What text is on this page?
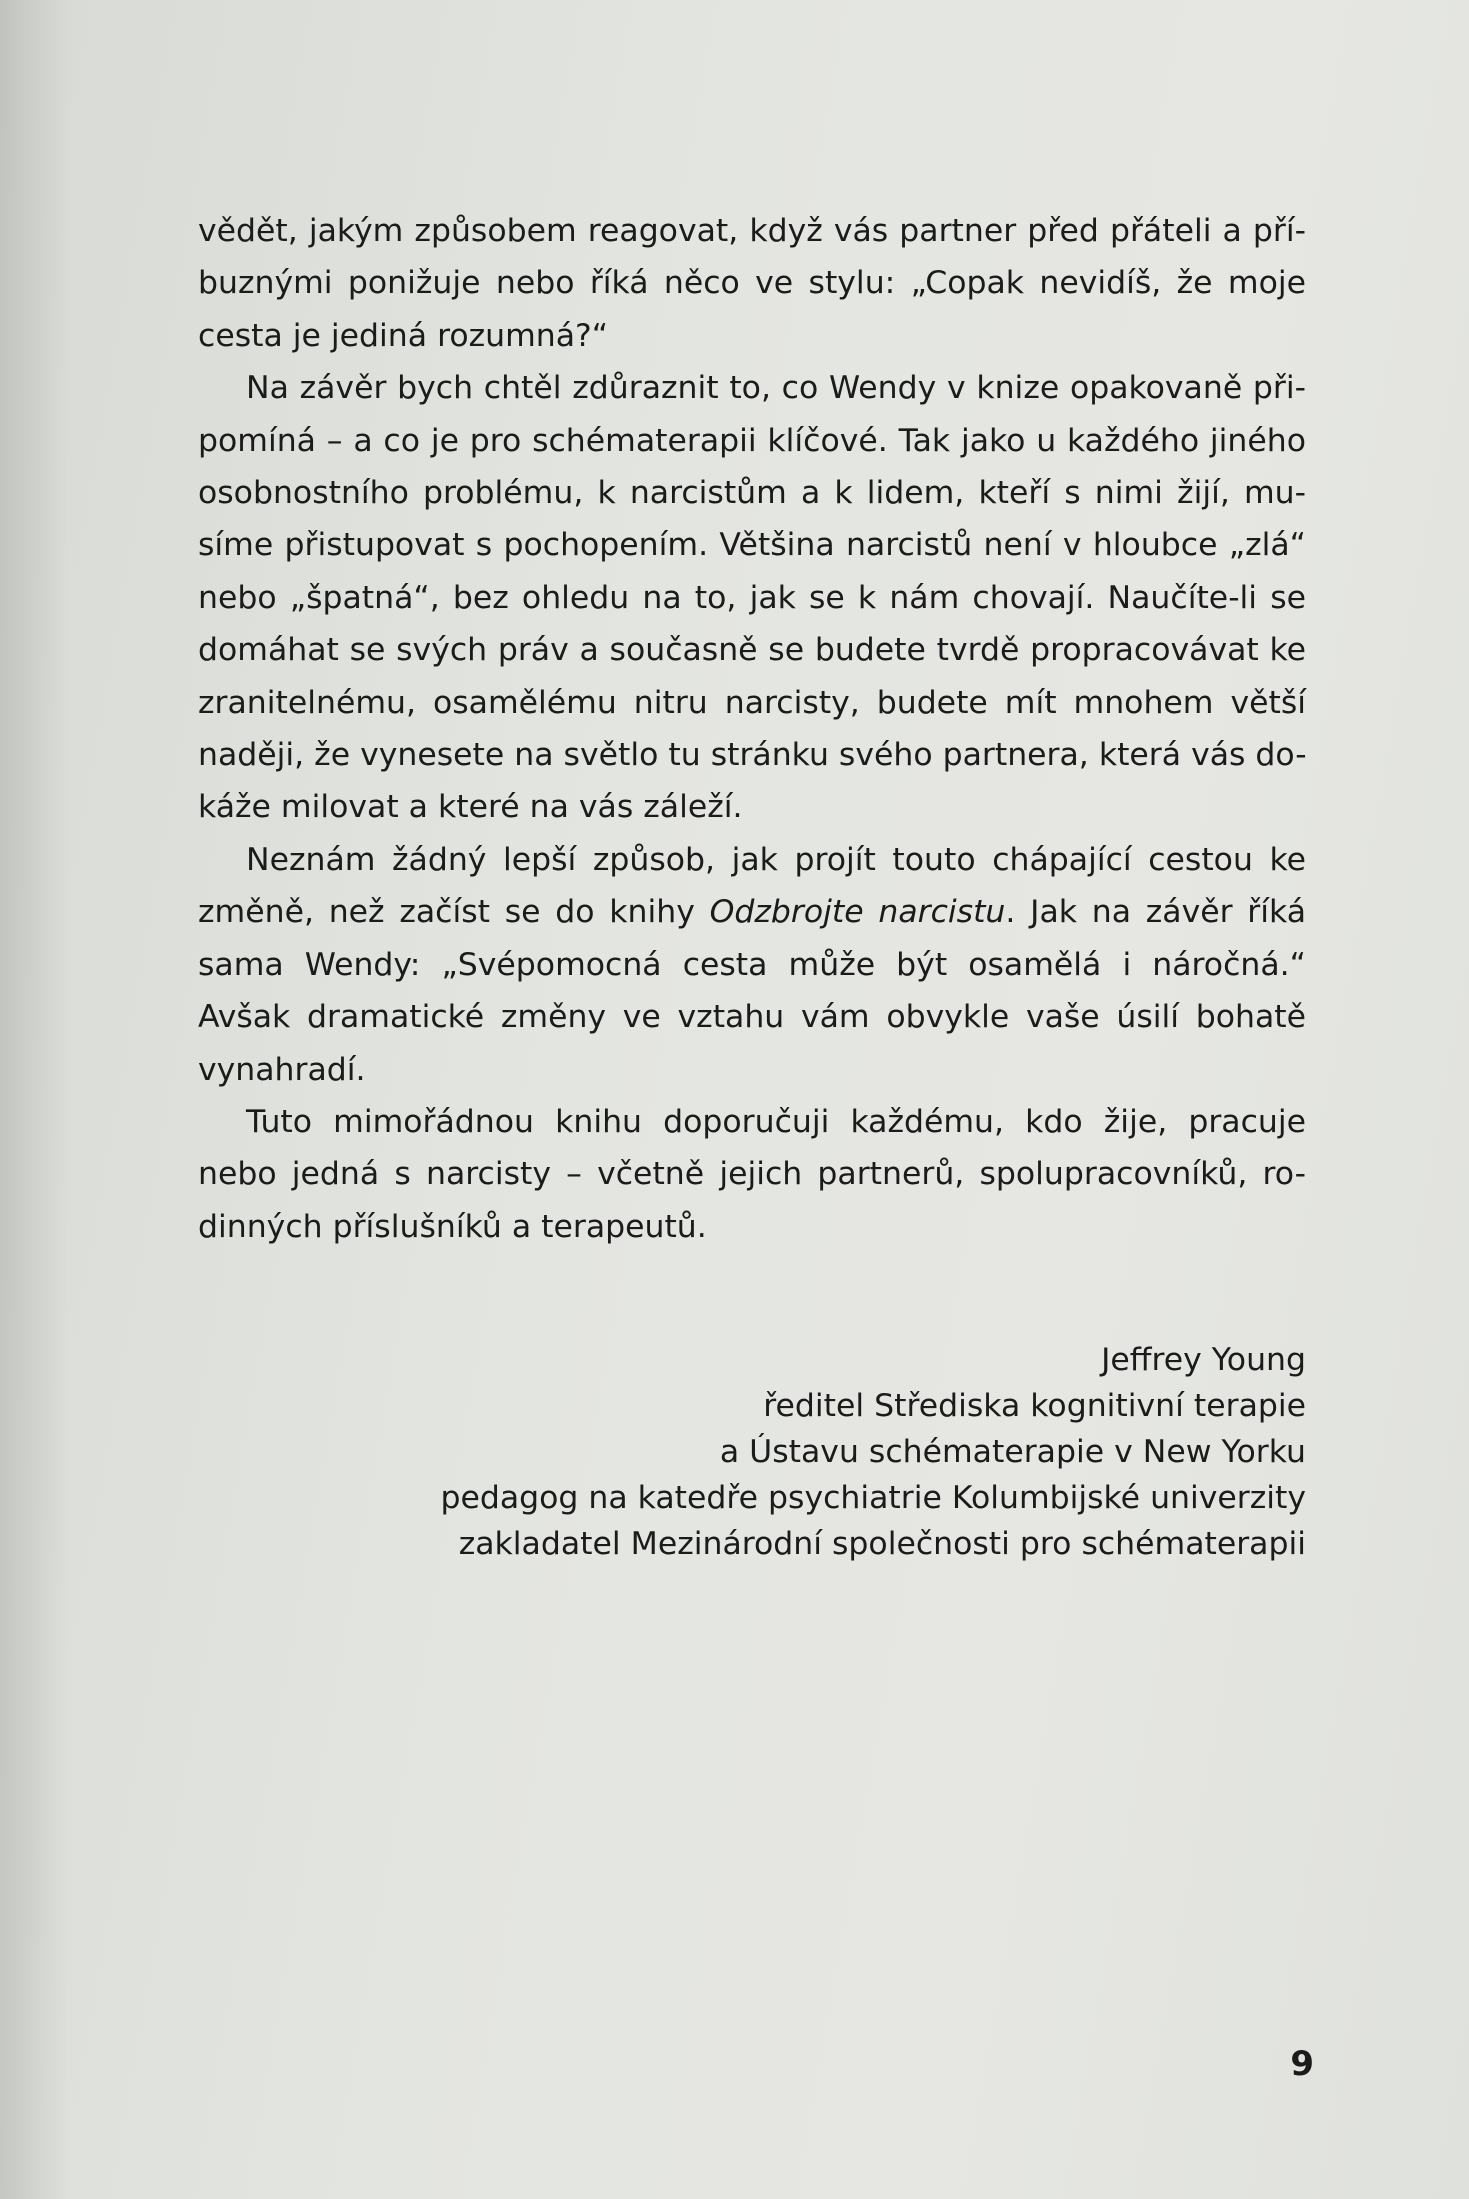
vědět, jakým způsobem reagovat, když vás partner před přáteli a pří-
buznými ponižuje nebo říká něco ve stylu: „Copak nevidíš, že moje
cesta je jediná rozumná?“

Na závěr bych chtěl zdůraznit to, co Wendy v knize opakovaně při-
pomíná – a co je pro schématerapii klíčové. Tak jako u každého jiného
osobnostního problému, k narcistům a k lidem, kteří s nimi žijí, mu-
síme přistupovat s pochopením. Většina narcistů není v hloubce „zlá“
nebo „špatná“, bez ohledu na to, jak se k nám chovají. Naučíte-li se
domáhat se svých práv a současně se budete tvrdě propracovávat ke
zranitelnému, osamělému nitru narcisty, budete mít mnohem větší
naději, že vynesete na světlo tu stránku svého partnera, která vás do-
káže milovat a které na vás záleží.

Neznám žádný lepší způsob, jak projít touto chápající cestou ke
změně, než začíst se do knihy Odzbrojte narcistu. Jak na závěr říká
sama Wendy: „Svépomocná cesta může být osamělá i náročná.“
Avšak dramatické změny ve vztahu vám obvykle vaše úsilí bohatě
vynahradí.

Tuto mimořádnou knihu doporučuji každému, kdo žije, pracuje
nebo jedná s narcisty – včetně jejich partnerů, spolupracovníků, ro-
dinných příslušníků a terapeutů.

Jeffrey Young
ředitel Střediska kognitivní terapie
a Ústavu schématerapie v New Yorku
pedagog na katedře psychiatrie Kolumbijské univerzity
zakladatel Mezinárodní společnosti pro schématerapii
9
